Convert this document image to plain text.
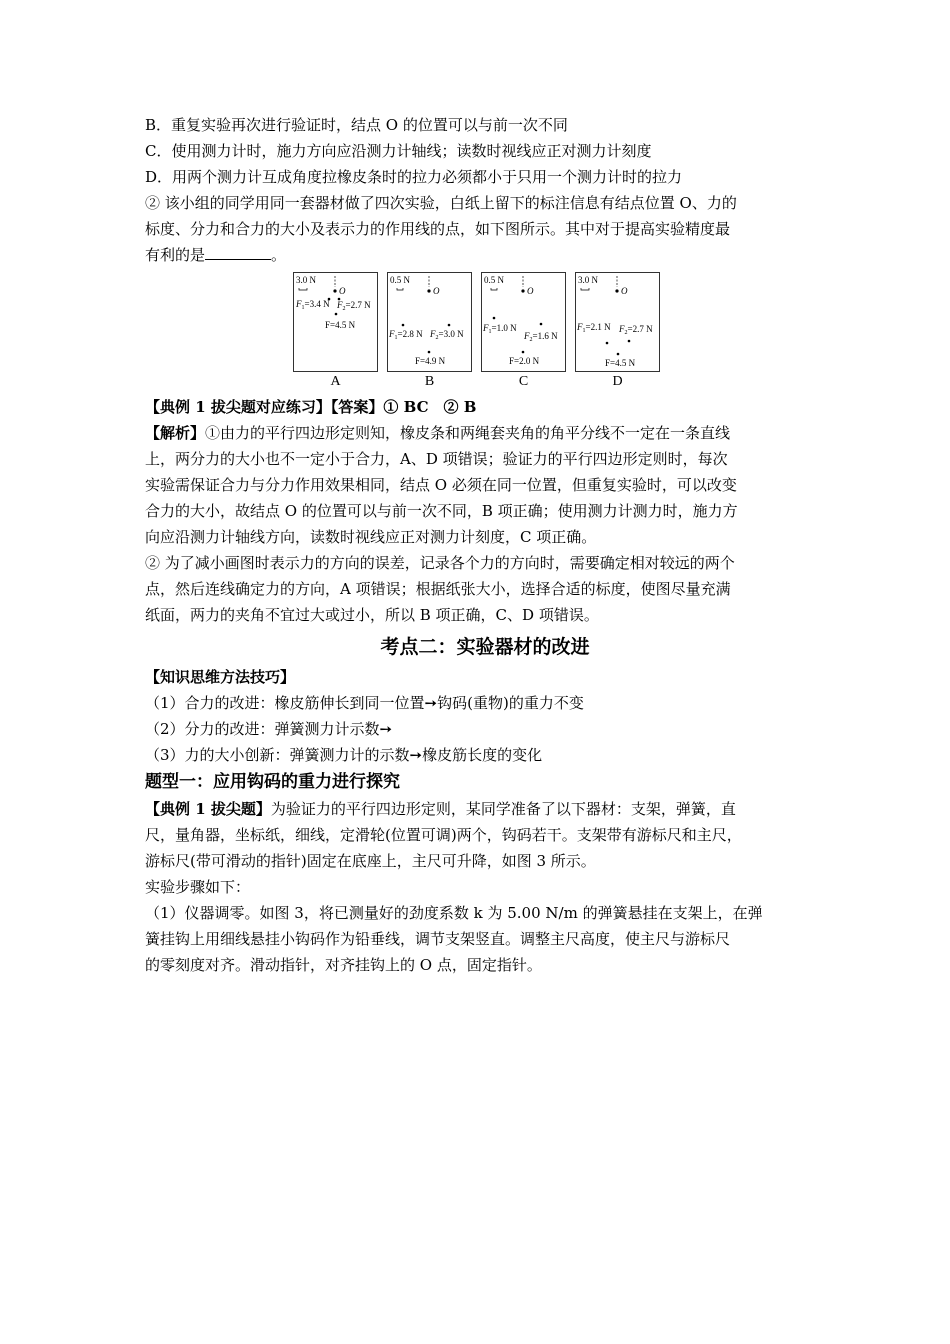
B．重复实验再次进行验证时，结点 O 的位置可以与前一次不同
C．使用测力计时，施力方向应沿测力计轴线；读数时视线应正对测力计刻度
D．用两个测力计互成角度拉橡皮条时的拉力必须都小于只用一个测力计时的拉力
② 该小组的同学用同一套器材做了四次实验，白纸上留下的标注信息有结点位置 O、力的
标度、分力和合力的大小及表示力的作用线的点，如下图所示。其中对于提高实验精度最
有利的是	。
3.0 N
O
$F_1=3.4$ N $F_2=2.7$ N
F=4.5 N
A
0.5 N
O
$F_1=2.8$ N $F_2=3.0$ N
F=4.9 N
B
0.5 N
O
$F_1=1.0$ N
$F_2=1.6$ N
F=2.0 N
C
3.0 N
O
$F_1=2.1$ N $F_2=2.7$ N
F=4.5 N
D
【典例 1 拔尖题对应练习】【答案】① BC　② B
【解析】①由力的平行四边形定则知，橡皮条和两绳套夹角的角平分线不一定在一条直线
上，两分力的大小也不一定小于合力，A、D 项错误；验证力的平行四边形定则时，每次
实验需保证合力与分力作用效果相同，结点 O 必须在同一位置，但重复实验时，可以改变
合力的大小，故结点 O 的位置可以与前一次不同，B 项正确；使用测力计测力时，施力方
向应沿测力计轴线方向，读数时视线应正对测力计刻度，C 项正确。
② 为了减小画图时表示力的方向的误差，记录各个力的方向时，需要确定相对较远的两个
点，然后连线确定力的方向，A 项错误；根据纸张大小，选择合适的标度，使图尽量充满
纸面，两力的夹角不宜过大或过小，所以 B 项正确，C、D 项错误。
考点二：实验器材的改进
【知识思维方法技巧】
（1）合力的改进：橡皮筋伸长到同一位置➙钩码(重物)的重力不变
（2）分力的改进：弹簧测力计示数➙
（3）力的大小创新：弹簧测力计的示数➙橡皮筋长度的变化
题型一：应用钩码的重力进行探究
【典例 1 拔尖题】为验证力的平行四边形定则，某同学准备了以下器材：支架，弹簧，直
尺，量角器，坐标纸，细线，定滑轮(位置可调)两个，钩码若干。支架带有游标尺和主尺，
游标尺(带可滑动的指针)固定在底座上，主尺可升降，如图 3 所示。
实验步骤如下：
（1）仪器调零。如图 3，将已测量好的劲度系数 k 为 5.00 N/m 的弹簧悬挂在支架上，在弹
簧挂钩上用细线悬挂小钩码作为铅垂线，调节支架竖直。调整主尺高度，使主尺与游标尺
的零刻度对齐。滑动指针，对齐挂钩上的 O 点，固定指针。
